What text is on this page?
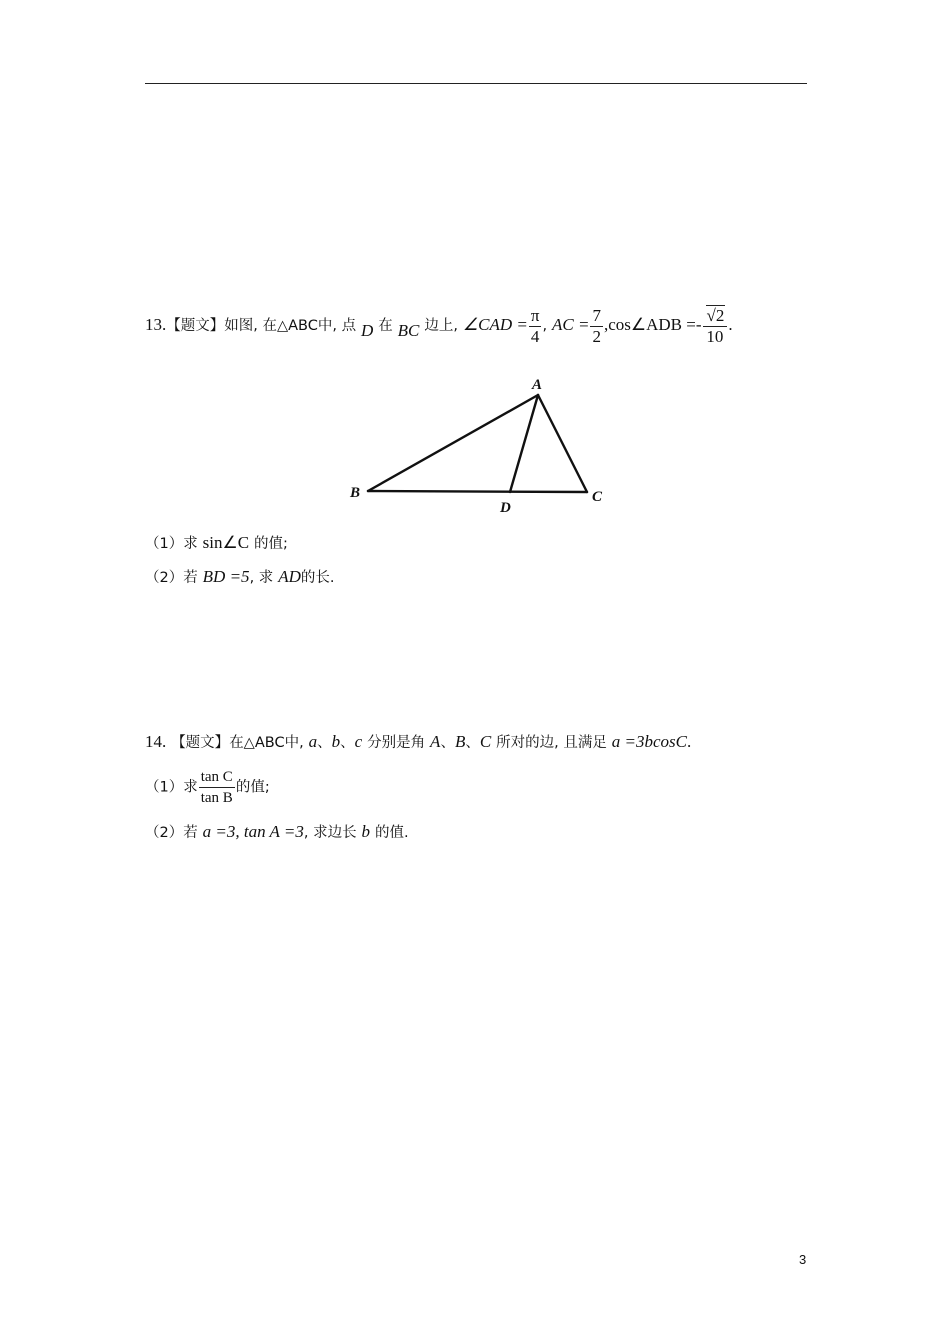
13.【题文】如图, 在△ABC中, 点 D 在 BC 边上, ∠CAD = $\frac{\pi}{4}$ , AC = $\frac{7}{2}$ ,cos∠ADB =- $\frac{√2}{10}$ .
A
B	C
D
（1）求 sin∠C 的值;
（2）若 BD =5, 求 AD的长.
14. 【题文】在△ABC中, a、b、c 分别是角 A、B、C 所对的边, 且满足 a =3bcosC.
（1）求 $\frac{\text{tan C}}{\text{tan B}}$ 的值;
（2）若 a =3, tan A =3, 求边长 b 的值.
3
